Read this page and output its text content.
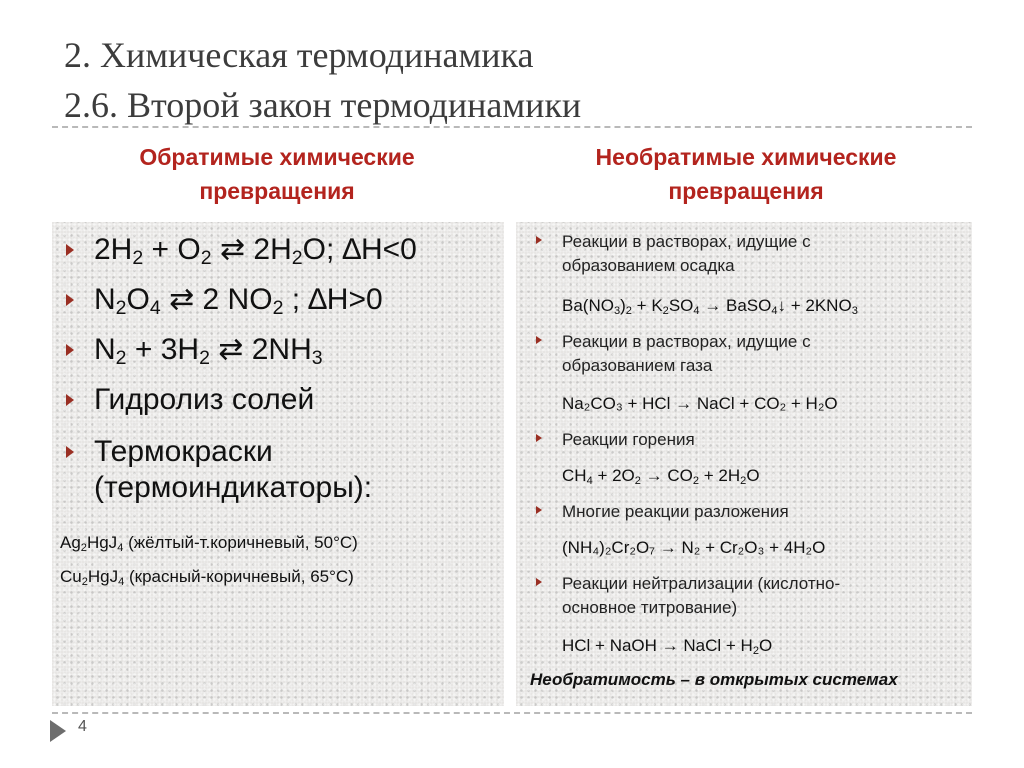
2. Химическая термодинамика
2.6. Второй закон термодинамики
Обратимые химические
превращения
Необратимые химические
превращения
$2H_2 + O_2$ ⇄ $2H_2O$; ∆H<0
$N_2O_4$ ⇄ 2 $NO_2$ ; ∆H>0
$N_2 + 3H_2$ ⇄ $2NH_3$
Гидролиз солей
Термокраски
(термоиндикаторы):
$Ag_2HgJ_4$ (жёлтый-т.коричневый, 50°C)
$Cu_2HgJ_4$ (красный-коричневый, 65°C)
Реакции в растворах, идущие с
образованием осадка
$Ba(NO_3)_2 + K_2SO_4$ → BaSO$_4$↓ + $2KNO_3$
Реакции в растворах, идущие с
образованием газа
Na₂CO₃ + HCl → NaCl + CO₂ + H₂O
Реакции горения
$CH_4 + 2O_2 \to CO_2 + 2H_2O$
Многие реакции разложения
(NH₄)₂Cr₂O₇ → N₂ + Cr₂O₃ + 4H₂O
Реакции нейтрализации (кислотно-
основное титрование)
HCl + NaOH → NaCl + $H_2O$
Необратимость – в открытых системах
4
